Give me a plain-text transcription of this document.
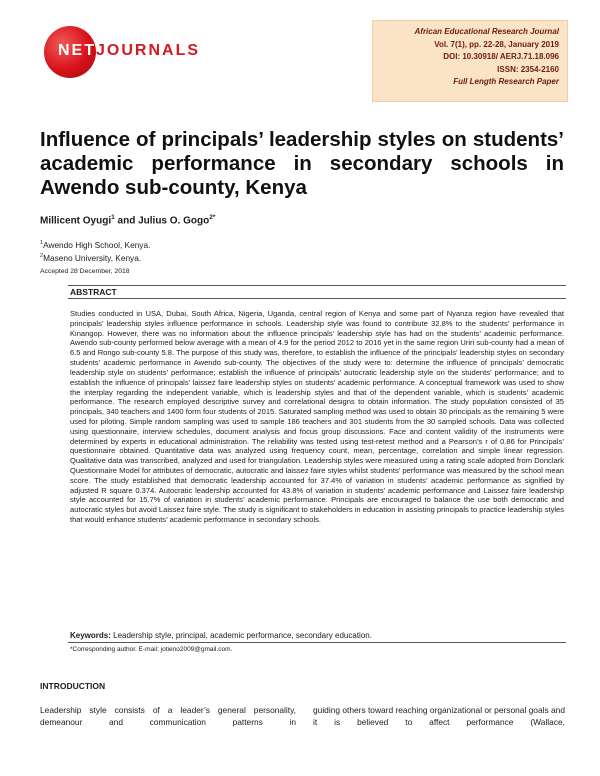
NETJOURNALS
African Educational Research Journal
Vol. 7(1), pp. 22-28, January 2019
DOI: 10.30918/ AERJ.71.18.096
ISSN: 2354-2160
Full Length Research Paper
Influence of principals’ leadership styles on students’ academic performance in secondary schools in Awendo sub-county, Kenya
Millicent Oyugi$^1$ and Julius O. Gogo$^{2*}$
$^1$Awendo High School, Kenya.
$^2$Maseno University, Kenya.
Accepted 28 December, 2018
ABSTRACT

Studies conducted in USA, Dubai, South Africa, Nigeria, Uganda, central region of Kenya and some part of Nyanza region have revealed that principals’ leadership styles influence performance in schools. Leadership style was found to contribute 32.8% to the students’ performance in Kinangop. However, there was no information about the influence principals’ leadership style has had on the students’ academic performance. Awendo sub-county performed below average with a mean of 4.9 for the period 2012 to 2016 yet in the same region Uriri sub-county had a mean of 6.5 and Rongo sub-county 5.8. The purpose of this study was, therefore, to establish the influence of the principals’ leadership styles on secondary students’ academic performance in Awendo sub-county. The objectives of the study were to: determine the influence of principals’ democratic leadership style on students’ performance; establish the influence of principals’ autocratic leadership style on the students’ performance; and to establish the influence of principals’ laissez faire leadership styles on students’ academic performance. A conceptual framework was used to show the interplay regarding the independent variable, which is leadership styles and that of the dependent variable, which is students’ academic performance. The research employed descriptive survey and correlational designs to obtain information. The study population consisted of 35 principals, 340 teachers and 1400 form four students of 2015. Saturated sampling method was used to obtain 30 principals as the remaining 5 were used for piloting. Simple random sampling was used to sample 186 teachers and 301 students from the 30 sampled schools. Data was collected using questionnaire, interview schedules, document analysis and focus group discussions. Face and content validity of the instruments were determined by experts in educational administration. The reliability was tested using test-retest method and a Pearson’s r of 0.86 for Principals’ questionnaire obtained. Quantitative data was analyzed using frequency count, mean, percentage, correlation and simple linear regression. Qualitative data was transcribed, analyzed and used for triangulation. Leadership styles were measured using a rating scale adopted from Donclark Questionnaire Model for attributes of democratic, autocratic and laissez faire styles whilst students’ performance was measured by the school mean score. The study established that democratic leadership accounted for 37.4% of variation in students’ academic performance as signified by adjusted R square 0.374. Autocratic leadership accounted for 43.8% of variation in students’ academic performance and Laissez faire leadership style accounted for 15.7% of variation in students’ academic performance. Principals are encouraged to balance the use both democratic and autocratic styles but avoid Laissez faire style. The study is significant to stakeholders in education in assisting principals to practice leadership styles that would enhance students’ academic performance in secondary schools.

Keywords: Leadership style, principal, academic performance, secondary education.
*Corresponding author. E-mail: jotieno2009@gmail.com.
INTRODUCTION

Leadership style consists of a leader’s general personality, demeanour and communication patterns in

guiding others toward reaching organizational or personal goals and it is believed to affect performance (Wallace,
